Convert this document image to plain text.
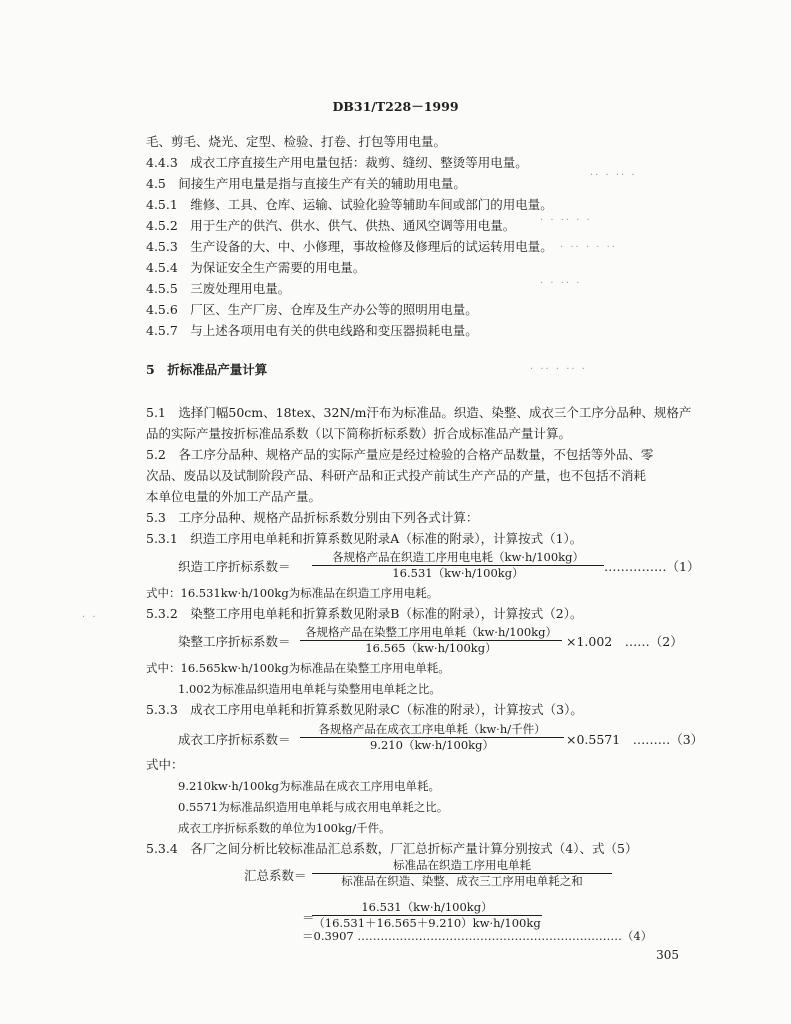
DB31/T228－1999
毛、剪毛、烧光、定型、检验、打卷、打包等用电量。
4.4.3　成衣工序直接生产用电量包括：裁剪、缝纫、整烫等用电量。
4.5　间接生产用电量是指与直接生产有关的辅助用电量。
4.5.1　维修、工具、仓库、运输、试验化验等辅助车间或部门的用电量。
4.5.2　用于生产的供汽、供水、供气、供热、通风空调等用电量。
4.5.3　生产设备的大、中、小修理，事故检修及修理后的试运转用电量。
4.5.4　为保证安全生产需要的用电量。
4.5.5　三废处理用电量。
4.5.6　厂区、生产厂房、仓库及生产办公等的照明用电量。
4.5.7　与上述各项用电有关的供电线路和变压器损耗电量。
·· · ·· ·
· · ·· · ·
· ·· · · ··
· · ·· ·
· ·· · ·· ·
· ·
5　折标准品产量计算
5.1　选择门幅50cm、18tex、32N/m汗布为标准品。织造、染整、成衣三个工序分品种、规格产
品的实际产量按折标准品系数（以下简称折标系数）折合成标准品产量计算。
5.2　各工序分品种、规格产品的实际产量应是经过检验的合格产品数量，不包括等外品、零
次品、废品以及试制阶段产品、科研产品和正式投产前试生产产品的产量，也不包括不消耗
本单位电量的外加工产品产量。
5.3　工序分品种、规格产品折标系数分别由下列各式计算：
5.3.1　织造工序用电单耗和折算系数见附录A（标准的附录），计算按式（1）。
织造工序折标系数＝
各规格产品在织造工序用电电耗（kw·h/100kg）
16.531（kw·h/100kg）	……………（1）
式中：16.531kw·h/100kg为标准品在织造工序用电耗。
5.3.2　染整工序用电单耗和折算系数见附录B（标准的附录），计算按式（2）。
染整工序折标系数＝
各规格产品在染整工序用电单耗（kw·h/100kg）
16.565（kw·h/100kg）	×1.002　……（2）
式中：16.565kw·h/100kg为标准品在染整工序用电单耗。
1.002为标准品织造用电单耗与染整用电单耗之比。
5.3.3　成衣工序用电单耗和折算系数见附录C（标准的附录），计算按式（3）。
成衣工序折标系数＝
各规格产品在成衣工序电单耗（kw·h/千件）
9.210（kw·h/100kg）	×0.5571　………（3）
式中：
9.210kw·h/100kg为标准品在成衣工序用电单耗。
0.5571为标准品织造用电单耗与成衣用电单耗之比。
成衣工序折标系数的单位为100kg/千件。
5.3.4　各厂之间分析比较标准品汇总系数，厂汇总折标产量计算分别按式（4）、式（5）
汇总系数＝
标准品在织造工序用电单耗
标准品在织造、染整、成衣三工序用电单耗之和
＝
$\frac{16.531(kw\cdot h/100kg)}{(16.531+16.565+9.210)kw\cdot h/100kg}$
＝0.3907 ……………………………………………………………（4）
305
